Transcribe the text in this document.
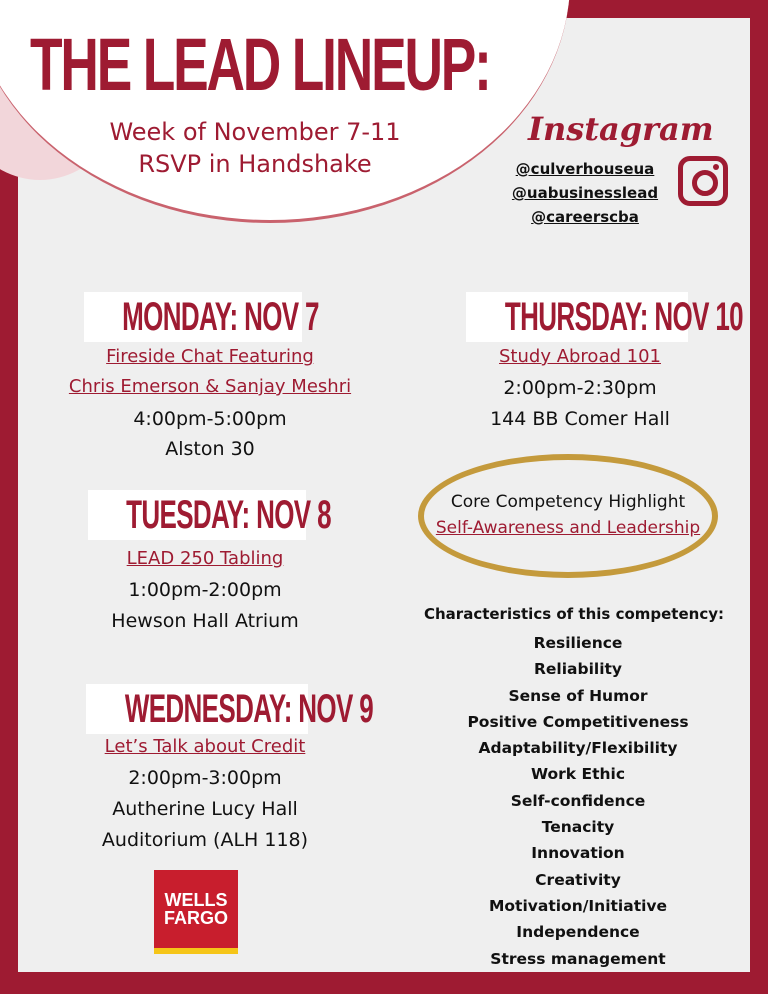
THE LEAD LINEUP:
Week of November 7-11
RSVP in Handshake
Instagram
@culverhouseua
@uabusinesslead
@careerscba
MONDAY: NOV 7
Fireside Chat Featuring
Chris Emerson & Sanjay Meshri
4:00pm-5:00pm
Alston 30
TUESDAY: NOV 8
LEAD 250 Tabling
1:00pm-2:00pm
Hewson Hall Atrium
WEDNESDAY: NOV 9
Let’s Talk about Credit
2:00pm-3:00pm
Autherine Lucy Hall
Auditorium (ALH 118)
WELLS
FARGO
THURSDAY: NOV 10
Study Abroad 101
2:00pm-2:30pm
144 BB Comer Hall
Core Competency Highlight
Self-Awareness and Leadership
Characteristics of this competency:
Resilience
Reliability
Sense of Humor
Positive Competitiveness
Adaptability/Flexibility
Work Ethic
Self-confidence
Tenacity
Innovation
Creativity
Motivation/Initiative
Independence
Stress management
